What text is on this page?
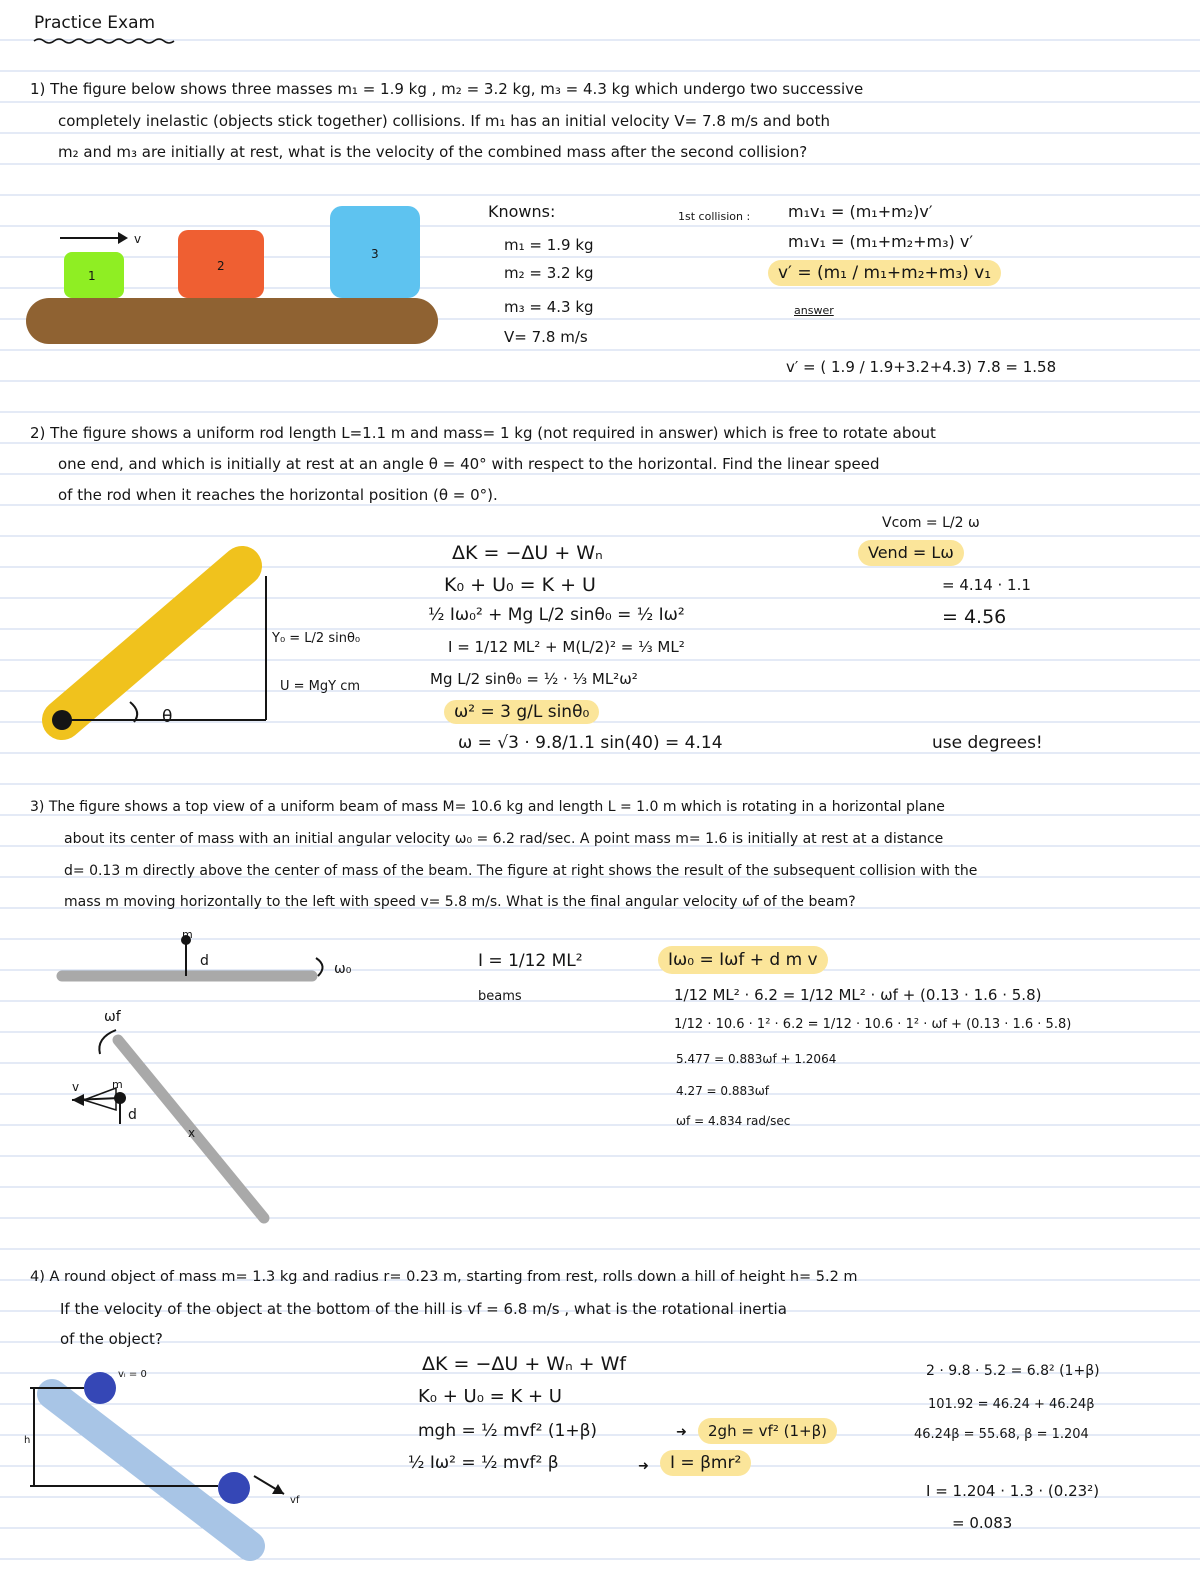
Practice Exam
1) The figure below shows three masses m₁ = 1.9 kg , m₂ = 3.2 kg, m₃ = 4.3 kg which undergo two successive
completely inelastic (objects stick together) collisions. If m₁ has an initial velocity V= 7.8 m/s and both
m₂ and m₃ are initially at rest, what is the velocity of the combined mass after the second collision?
v
1
2
3
Knowns:
m₁ = 1.9 kg
m₂ = 3.2 kg
m₃ = 4.3 kg
V= 7.8 m/s
1st collision : m₁v₁ = (m₁+m₂)v′
m₁v₁ = (m₁+m₂+m₃) v′
v′ = (m₁ / m₁+m₂+m₃) v₁
answer
v′ = ( 1.9 / 1.9+3.2+4.3) 7.8 = 1.58
2) The figure shows a uniform rod length L=1.1 m and mass= 1 kg (not required in answer) which is free to rotate about
one end, and which is initially at rest at an angle θ = 40° with respect to the horizontal. Find the linear speed
of the rod when it reaches the horizontal position (θ = 0°).
θ
Y₀ = L/2 sinθ₀
U = MgY cm
ΔK = −ΔU + Wₙ
K₀ + U₀ = K + U
½ Iω₀² + Mg L/2 sinθ₀ = ½ Iω²
I = 1/12 ML² + M(L/2)² = ⅓ ML²
Mg L/2 sinθ₀ = ½ · ⅓ ML²ω²
ω² = 3 g/L sinθ₀
ω = √3 · 9.8/1.1 sin(40) = 4.14
Vcom = L/2 ω
Vend = Lω
= 4.14 · 1.1
= 4.56
use degrees!
3) The figure shows a top view of a uniform beam of mass M= 10.6 kg and length L = 1.0 m which is rotating in a horizontal plane
about its center of mass with an initial angular velocity ω₀ = 6.2 rad/sec. A point mass m= 1.6 is initially at rest at a distance
d= 0.13 m directly above the center of mass of the beam. The figure at right shows the result of the subsequent collision with the
mass m moving horizontally to the left with speed v= 5.8 m/s. What is the final angular velocity ωf of the beam?
m
d	ω₀
ωf
v	m
d
x
I = 1/12 ML²
beams
Iω₀ = Iωf + d m v
1/12 ML² · 6.2 = 1/12 ML² · ωf + (0.13 · 1.6 · 5.8)
1/12 · 10.6 · 1² · 6.2 = 1/12 · 10.6 · 1² · ωf + (0.13 · 1.6 · 5.8)
5.477 = 0.883ωf + 1.2064
4.27 = 0.883ωf
ωf = 4.834 rad/sec
4) A round object of mass m= 1.3 kg and radius r= 0.23 m, starting from rest, rolls down a hill of height h= 5.2 m
If the velocity of the object at the bottom of the hill is vf = 6.8 m/s , what is the rotational inertia
of the object?
vᵢ = 0
h
vf
ΔK = −ΔU + Wₙ + Wf
K₀ + U₀ = K + U
mgh = ½ mvf² (1+β)
½ Iω² = ½ mvf² β
➜	2gh = vf² (1+β)
➜	I = βmr²
2 · 9.8 · 5.2 = 6.8² (1+β)
101.92 = 46.24 + 46.24β
46.24β = 55.68, β = 1.204
I = 1.204 · 1.3 · (0.23²)
= 0.083
